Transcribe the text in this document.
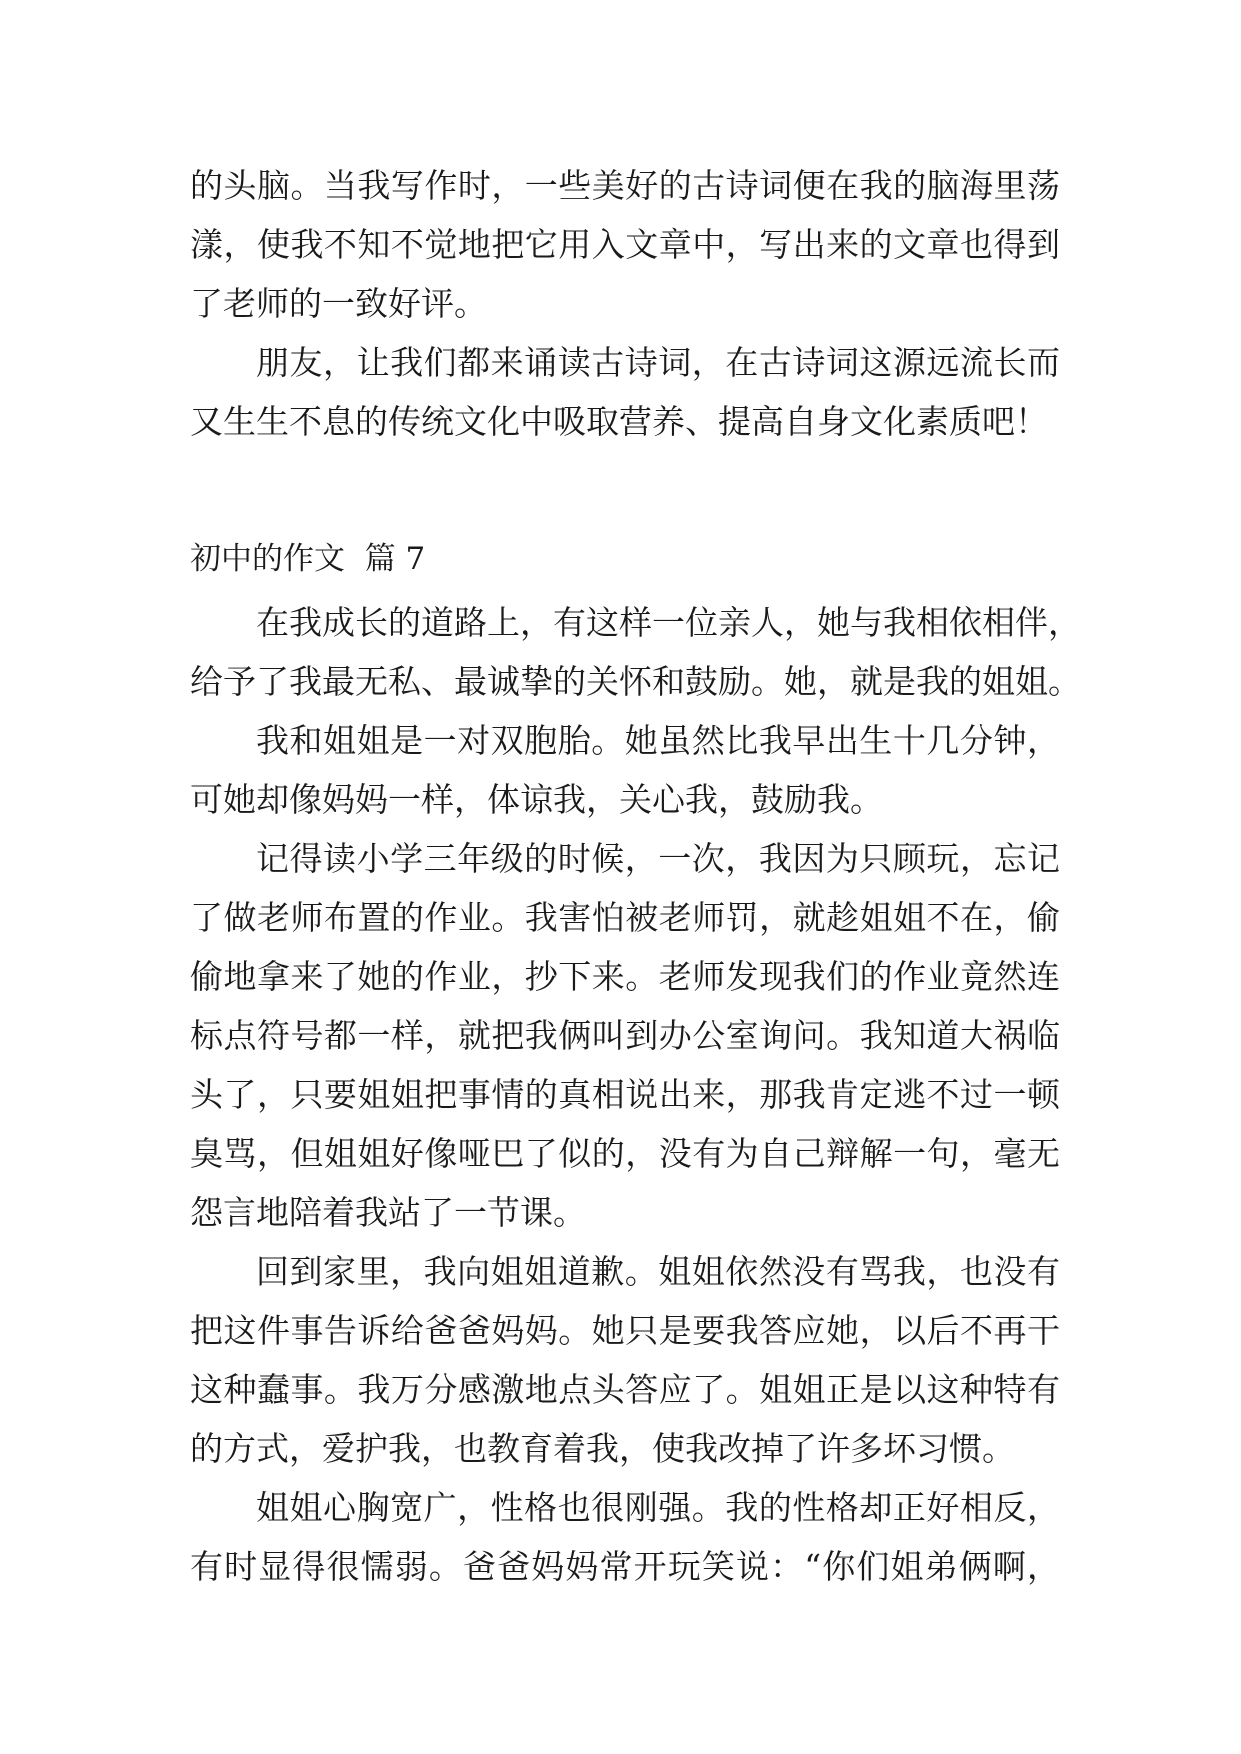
的头脑。当我写作时，一些美好的古诗词便在我的脑海里荡
漾，使我不知不觉地把它用入文章中，写出来的文章也得到
了老师的一致好评。
朋友，让我们都来诵读古诗词，在古诗词这源远流长而
又生生不息的传统文化中吸取营养、提高自身文化素质吧！
初中的作文  篇 7
在我成长的道路上，有这样一位亲人，她与我相依相伴，
给予了我最无私、最诚挚的关怀和鼓励。她，就是我的姐姐。
我和姐姐是一对双胞胎。她虽然比我早出生十几分钟，
可她却像妈妈一样，体谅我，关心我，鼓励我。
记得读小学三年级的时候，一次，我因为只顾玩，忘记
了做老师布置的作业。我害怕被老师罚，就趁姐姐不在，偷
偷地拿来了她的作业，抄下来。老师发现我们的作业竟然连
标点符号都一样，就把我俩叫到办公室询问。我知道大祸临
头了，只要姐姐把事情的真相说出来，那我肯定逃不过一顿
臭骂，但姐姐好像哑巴了似的，没有为自己辩解一句，毫无
怨言地陪着我站了一节课。
回到家里，我向姐姐道歉。姐姐依然没有骂我，也没有
把这件事告诉给爸爸妈妈。她只是要我答应她，以后不再干
这种蠢事。我万分感激地点头答应了。姐姐正是以这种特有
的方式，爱护我，也教育着我，使我改掉了许多坏习惯。
姐姐心胸宽广，性格也很刚强。我的性格却正好相反，
有时显得很懦弱。爸爸妈妈常开玩笑说：“你们姐弟俩啊，
